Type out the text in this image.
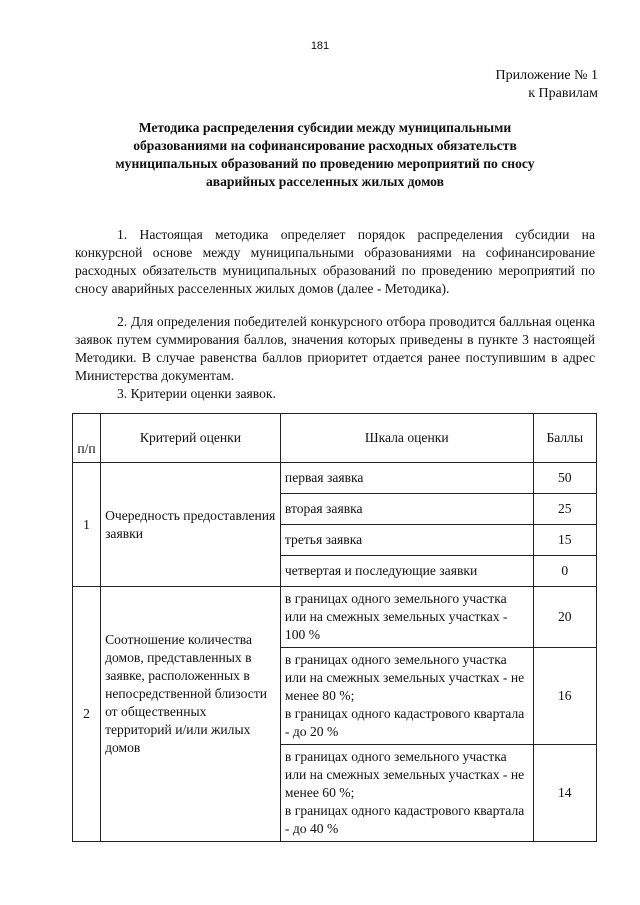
181
Приложение № 1
к Правилам
Методика распределения субсидии между муниципальными
образованиями на софинансирование расходных обязательств
муниципальных образований по проведению мероприятий по сносу
аварийных расселенных жилых домов
1. Настоящая методика определяет порядок распределения субсидии на конкурсной основе между муниципальными образованиями на софинансирование расходных обязательств муниципальных образований по проведению мероприятий по сносу аварийных расселенных жилых домов (далее - Методика).
2. Для определения победителей конкурсного отбора проводится балльная оценка заявок путем суммирования баллов, значения которых приведены в пункте 3 настоящей Методики. В случае равенства баллов приоритет отдается ранее поступившим в адрес Министерства документам.
3. Критерии оценки заявок.
п/п	Критерий оценки	Шкала оценки	Баллы
1	Очередность предоставления заявки	первая заявка	50
		вторая заявка	25
		третья заявка	15
		четвертая и последующие заявки	0
2	Соотношение количества домов, представленных в заявке, расположенных в непосредственной близости от общественных территорий и/или жилых домов	в границах одного земельного участка или на смежных земельных участках - 100 %	20

		в границах одного земельного участка или на смежных земельных участках - не менее 80 %;
в границах одного кадастрового квартала - до 20 %	16

		в границах одного земельного участка или на смежных земельных участках - не менее 60 %;
в границах одного кадастрового квартала - до 40 %	14
